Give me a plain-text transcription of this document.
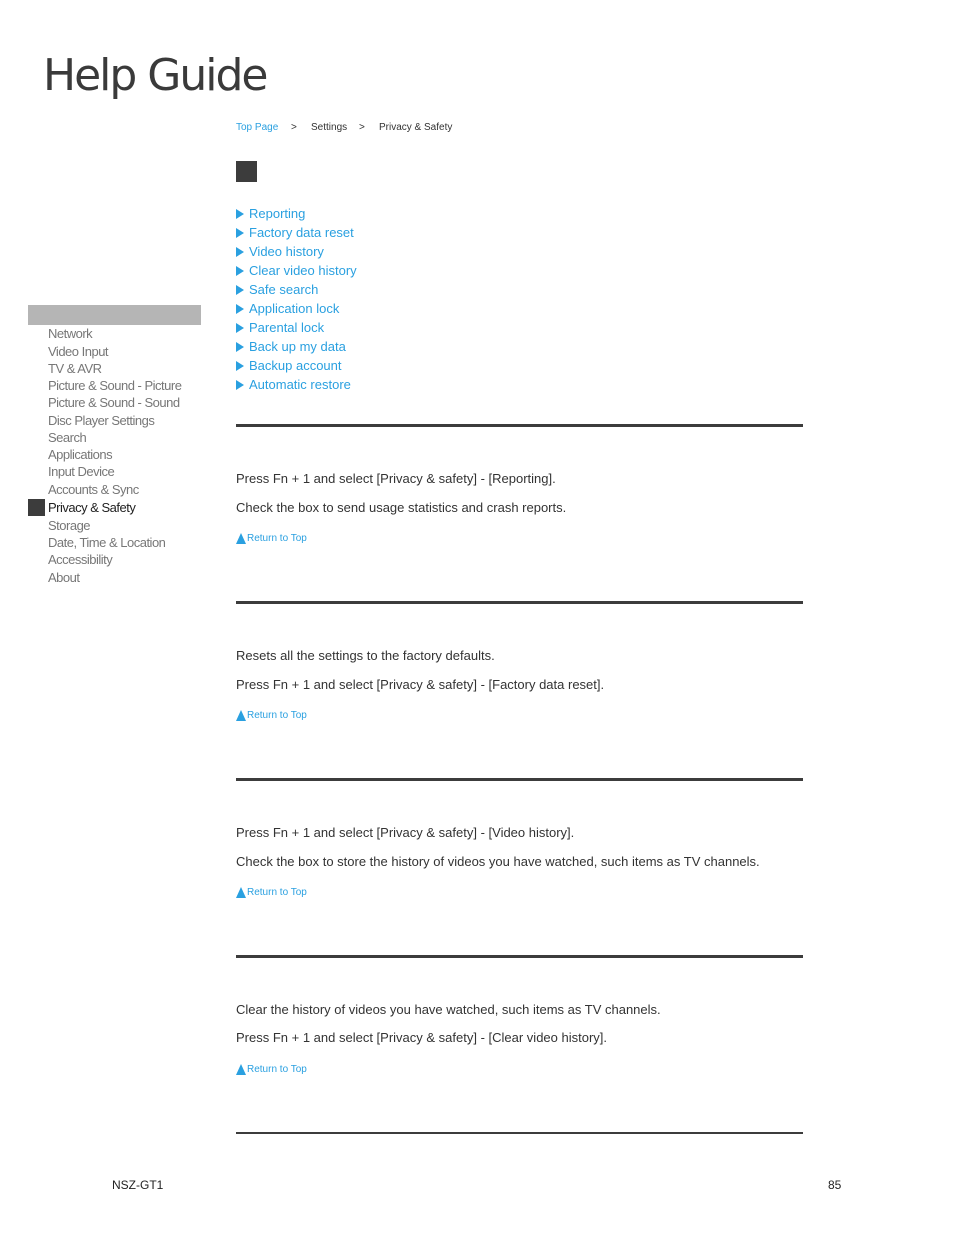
Help Guide
Top Page > Settings > Privacy & Safety
Reporting
Factory data reset
Video history
Clear video history
Safe search
Application lock
Parental lock
Back up my data
Backup account
Automatic restore
Network
Video Input
TV & AVR
Picture & Sound - Picture
Picture & Sound - Sound
Disc Player Settings
Search
Applications
Input Device
Accounts & Sync
Privacy & Safety
Storage
Date, Time & Location
Accessibility
About
Press Fn + 1 and select [Privacy & safety] - [Reporting].
Check the box to send usage statistics and crash reports.
Return to Top
Resets all the settings to the factory defaults.
Press Fn + 1 and select [Privacy & safety] - [Factory data reset].
Return to Top
Press Fn + 1 and select [Privacy & safety] - [Video history].
Check the box to store the history of videos you have watched, such items as TV channels.
Return to Top
Clear the history of videos you have watched, such items as TV channels.
Press Fn + 1 and select [Privacy & safety] - [Clear video history].
Return to Top
NSZ-GT1	85
